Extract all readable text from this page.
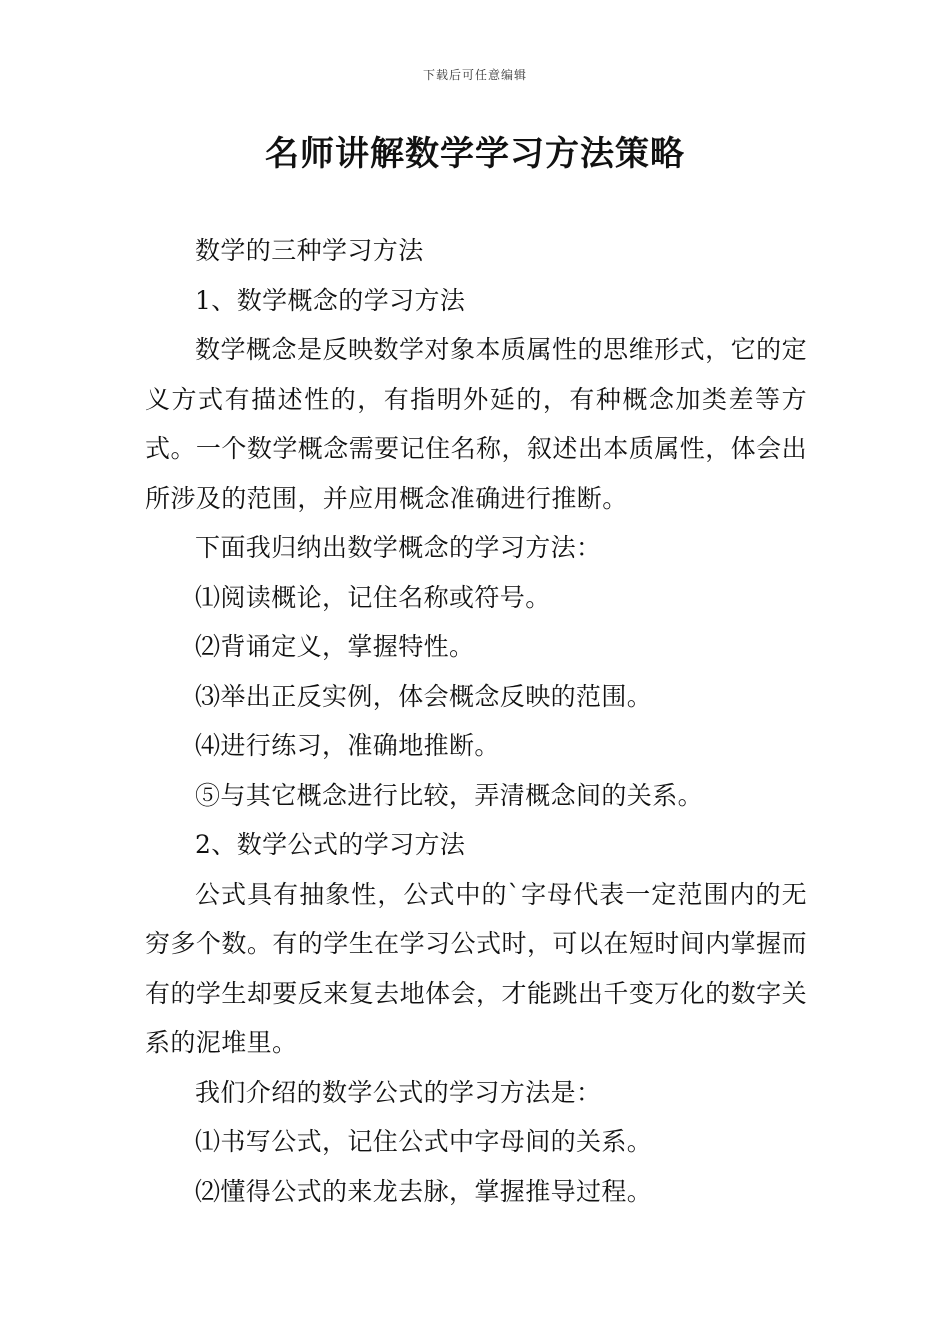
下载后可任意编辑
名师讲解数学学习方法策略

数学的三种学习方法

1、数学概念的学习方法

数学概念是反映数学对象本质属性的思维形式，它的定义方式有描述性的，有指明外延的，有种概念加类差等方式。一个数学概念需要记住名称，叙述出本质属性，体会出所涉及的范围，并应用概念准确进行推断。

下面我归纳出数学概念的学习方法：

⑴阅读概论，记住名称或符号。

⑵背诵定义，掌握特性。

⑶举出正反实例，体会概念反映的范围。

⑷进行练习，准确地推断。

⑤与其它概念进行比较，弄清概念间的关系。

2、数学公式的学习方法

公式具有抽象性，公式中的`字母代表一定范围内的无穷多个数。有的学生在学习公式时，可以在短时间内掌握而有的学生却要反来复去地体会，才能跳出千变万化的数字关系的泥堆里。

我们介绍的数学公式的学习方法是：

⑴书写公式，记住公式中字母间的关系。

⑵懂得公式的来龙去脉，掌握推导过程。
